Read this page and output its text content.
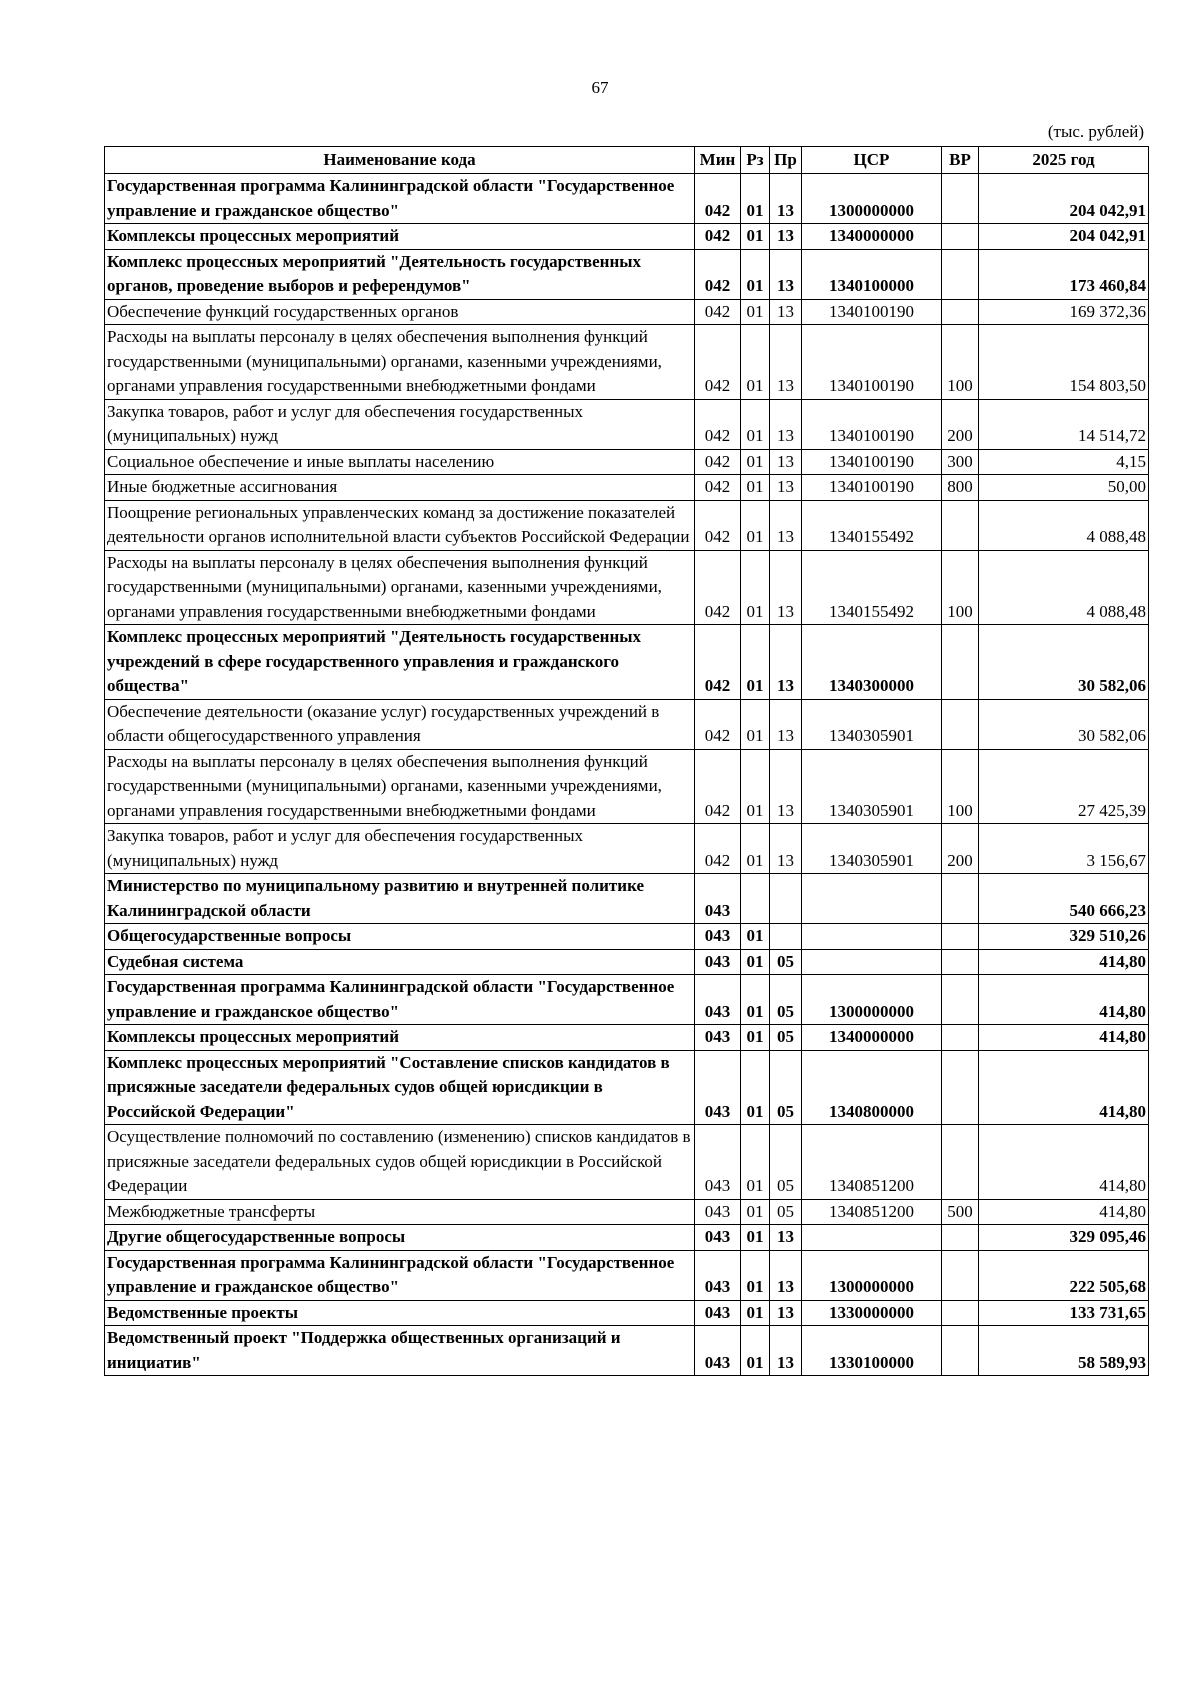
67
(тыс. рублей)
Наименование кода	Мин	Рз	Пр	ЦСР	ВР	2025 год
Государственная программа Калининградской области "Государственное управление и гражданское общество"	042	01	13	1300000000		204 042,91
Комплексы процессных мероприятий	042	01	13	1340000000		204 042,91
Комплекс процессных мероприятий "Деятельность государственных органов, проведение выборов и референдумов"	042	01	13	1340100000		173 460,84
Обеспечение функций государственных органов	042	01	13	1340100190		169 372,36
Расходы на выплаты персоналу в целях обеспечения выполнения функций государственными (муниципальными) органами, казенными учреждениями, органами управления государственными внебюджетными фондами	042	01	13	1340100190	100	154 803,50
Закупка товаров, работ и услуг для обеспечения государственных (муниципальных) нужд	042	01	13	1340100190	200	14 514,72
Социальное обеспечение и иные выплаты населению	042	01	13	1340100190	300	4,15
Иные бюджетные ассигнования	042	01	13	1340100190	800	50,00
Поощрение региональных управленческих команд за достижение показателей деятельности органов исполнительной власти субъектов Российской Федерации	042	01	13	1340155492		4 088,48
Расходы на выплаты персоналу в целях обеспечения выполнения функций государственными (муниципальными) органами, казенными учреждениями, органами управления государственными внебюджетными фондами	042	01	13	1340155492	100	4 088,48
Комплекс процессных мероприятий "Деятельность государственных учреждений в сфере государственного управления и гражданского общества"	042	01	13	1340300000		30 582,06
Обеспечение деятельности (оказание услуг) государственных учреждений в области общегосударственного управления	042	01	13	1340305901		30 582,06
Расходы на выплаты персоналу в целях обеспечения выполнения функций государственными (муниципальными) органами, казенными учреждениями, органами управления государственными внебюджетными фондами	042	01	13	1340305901	100	27 425,39
Закупка товаров, работ и услуг для обеспечения государственных (муниципальных) нужд	042	01	13	1340305901	200	3 156,67
Министерство по муниципальному развитию и внутренней политике Калининградской области	043					540 666,23
Общегосударственные вопросы	043	01				329 510,26
Судебная система	043	01	05			414,80
Государственная программа Калининградской области "Государственное управление и гражданское общество"	043	01	05	1300000000		414,80
Комплексы процессных мероприятий	043	01	05	1340000000		414,80
Комплекс процессных мероприятий "Составление списков кандидатов в присяжные заседатели федеральных судов общей юрисдикции в Российской Федерации"	043	01	05	1340800000		414,80
Осуществление полномочий по составлению (изменению) списков кандидатов в присяжные заседатели федеральных судов общей юрисдикции в Российской Федерации	043	01	05	1340851200		414,80
Межбюджетные трансферты	043	01	05	1340851200	500	414,80
Другие общегосударственные вопросы	043	01	13			329 095,46
Государственная программа Калининградской области "Государственное управление и гражданское общество"	043	01	13	1300000000		222 505,68
Ведомственные проекты	043	01	13	1330000000		133 731,65
Ведомственный проект "Поддержка общественных организаций и инициатив"	043	01	13	1330100000		58 589,93
